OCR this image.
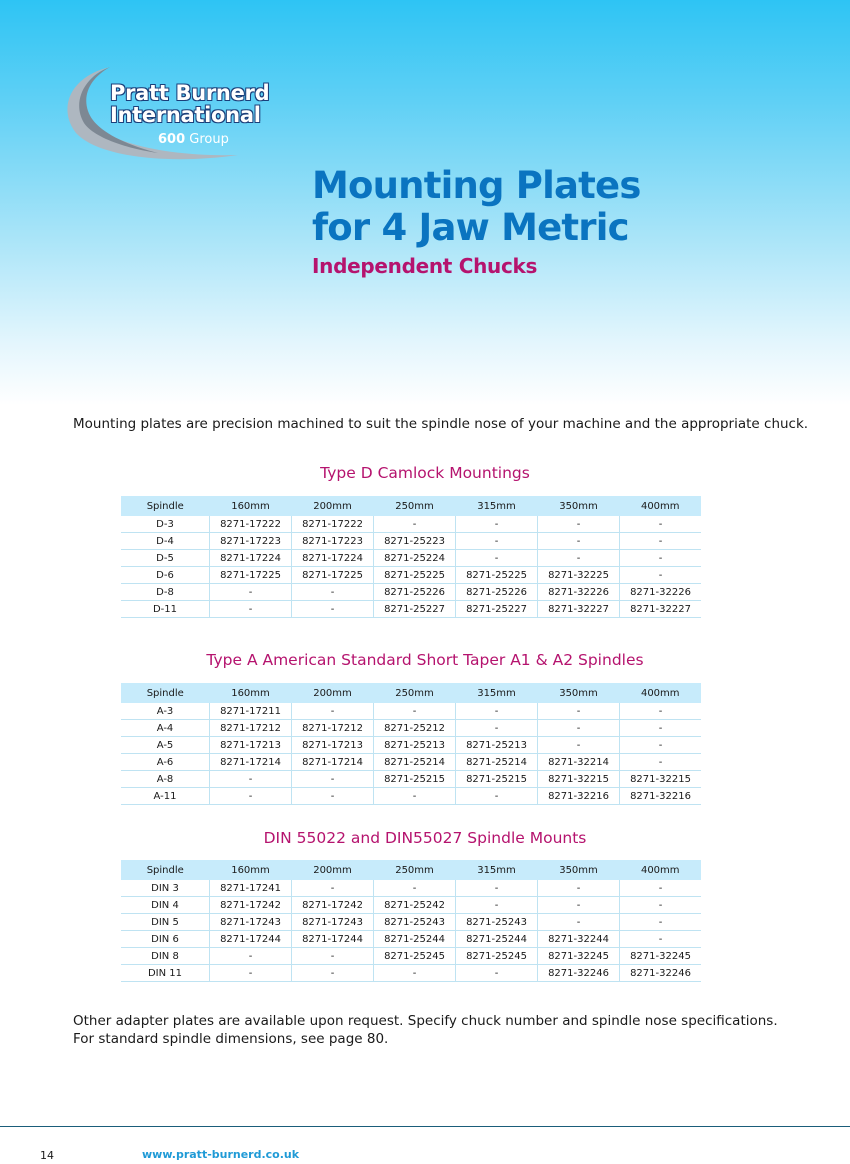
Pratt Burnerd
International
600 Group
Mounting Plates
for 4 Jaw Metric
Independent Chucks
Mounting plates are precision machined to suit the spindle nose of your machine and the appropriate chuck.
Type D Camlock Mountings
Spindle	160mm	200mm	250mm	315mm	350mm	400mm
D-3	8271-17222	8271-17222	-	-	-	-
D-4	8271-17223	8271-17223	8271-25223	-	-	-
D-5	8271-17224	8271-17224	8271-25224	-	-	-
D-6	8271-17225	8271-17225	8271-25225	8271-25225	8271-32225	-
D-8	-	-	8271-25226	8271-25226	8271-32226	8271-32226
D-11	-	-	8271-25227	8271-25227	8271-32227	8271-32227
Type A American Standard Short Taper A1 & A2 Spindles
Spindle	160mm	200mm	250mm	315mm	350mm	400mm
A-3	8271-17211	-	-	-	-	-
A-4	8271-17212	8271-17212	8271-25212	-	-	-
A-5	8271-17213	8271-17213	8271-25213	8271-25213	-	-
A-6	8271-17214	8271-17214	8271-25214	8271-25214	8271-32214	-
A-8	-	-	8271-25215	8271-25215	8271-32215	8271-32215
A-11	-	-	-	-	8271-32216	8271-32216
DIN 55022 and DIN55027 Spindle Mounts
Spindle	160mm	200mm	250mm	315mm	350mm	400mm
DIN 3	8271-17241	-	-	-	-	-
DIN 4	8271-17242	8271-17242	8271-25242	-	-	-
DIN 5	8271-17243	8271-17243	8271-25243	8271-25243	-	-
DIN 6	8271-17244	8271-17244	8271-25244	8271-25244	8271-32244	-
DIN 8	-	-	8271-25245	8271-25245	8271-32245	8271-32245
DIN 11	-	-	-	-	8271-32246	8271-32246
Other adapter plates are available upon request. Specify chuck number and spindle nose specifications.
For standard spindle dimensions, see page 80.
14	www.pratt-burnerd.co.uk
